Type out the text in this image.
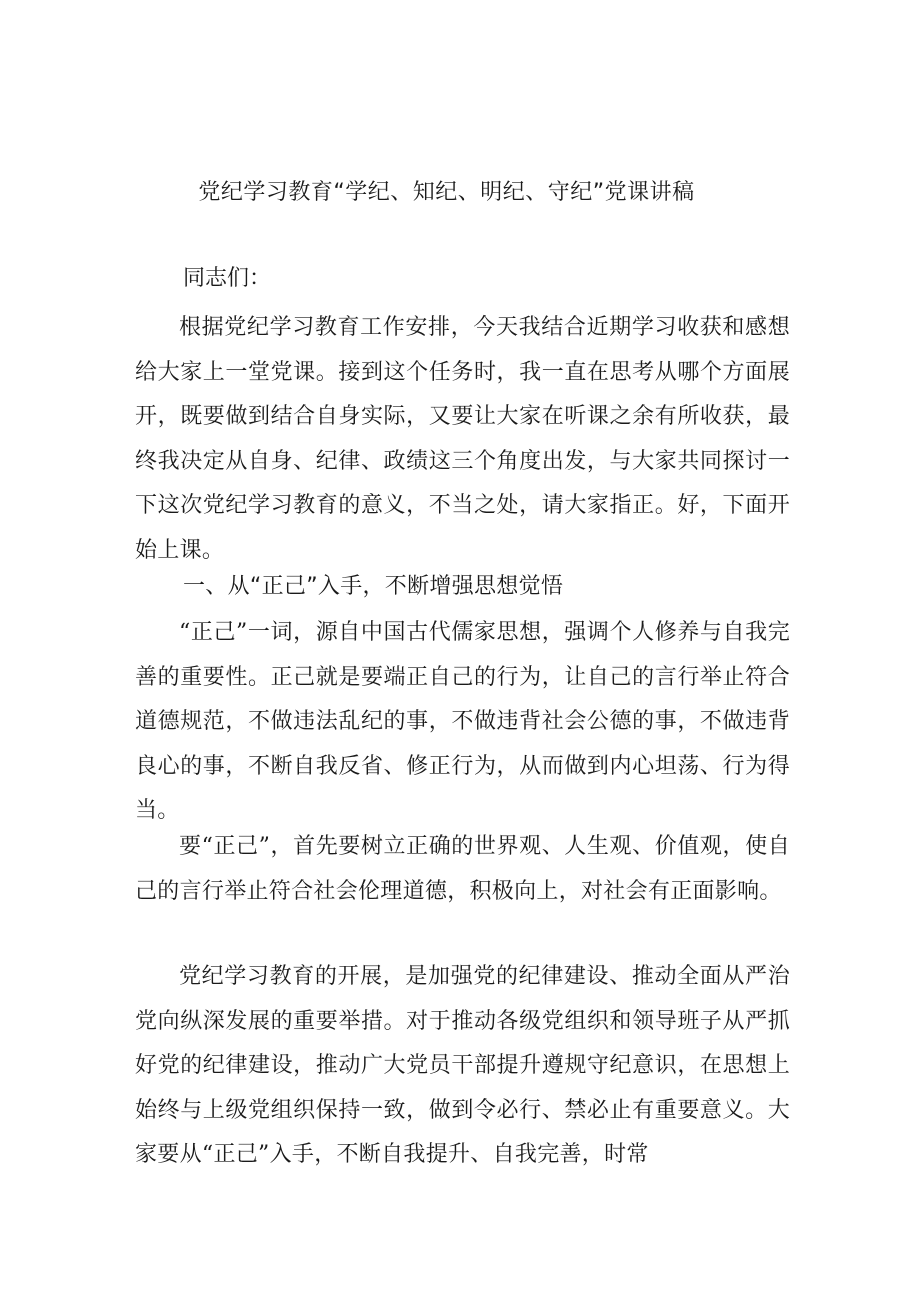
党纪学习教育“学纪、知纪、明纪、守纪”党课讲稿
同志们：

根据党纪学习教育工作安排，今天我结合近期学习收获和感想给大家上一堂党课。接到这个任务时，我一直在思考从哪个方面展开，既要做到结合自身实际，又要让大家在听课之余有所收获，最终我决定从自身、纪律、政绩这三个角度出发，与大家共同探讨一下这次党纪学习教育的意义，不当之处，请大家指正。好，下面开始上课。

一、从“正己”入手，不断增强思想觉悟

“正己”一词，源自中国古代儒家思想，强调个人修养与自我完善的重要性。正己就是要端正自己的行为，让自己的言行举止符合道德规范，不做违法乱纪的事，不做违背社会公德的事，不做违背良心的事，不断自我反省、修正行为，从而做到内心坦荡、行为得当。

要“正己”，首先要树立正确的世界观、人生观、价值观，使自己的言行举止符合社会伦理道德，积极向上，对社会有正面影响。

党纪学习教育的开展，是加强党的纪律建设、推动全面从严治党向纵深发展的重要举措。对于推动各级党组织和领导班子从严抓好党的纪律建设，推动广大党员干部提升遵规守纪意识，在思想上始终与上级党组织保持一致，做到令必行、禁必止有重要意义。大家要从“正己”入手，不断自我提升、自我完善，时常
